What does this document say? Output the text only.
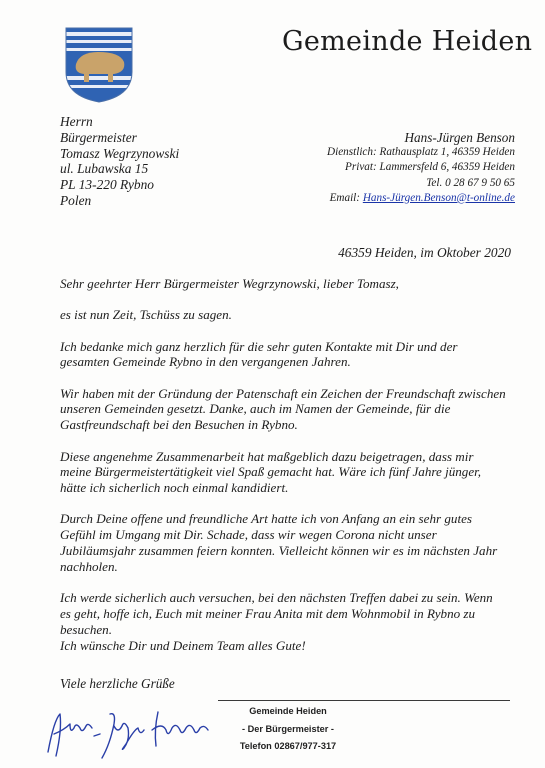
Gemeinde Heiden
Herrn
Bürgermeister
Tomasz Wegrzynowski
ul. Lubawska 15
PL 13-220 Rybno
Polen
Hans-Jürgen Benson
Dienstlich: Rathausplatz 1, 46359 Heiden
Privat: Lammersfeld 6, 46359 Heiden
Tel. 0 28 67 9 50 65
Email: Hans-Jürgen.Benson@t-online.de
46359 Heiden, im Oktober 2020

Sehr geehrter Herr Bürgermeister Wegrzynowski, lieber Tomasz,

es ist nun Zeit, Tschüss zu sagen.

Ich bedanke mich ganz herzlich für die sehr guten Kontakte mit Dir und der gesamten Gemeinde Rybno in den vergangenen Jahren.

Wir haben mit der Gründung der Patenschaft ein Zeichen der Freundschaft zwischen unseren Gemeinden gesetzt. Danke, auch im Namen der Gemeinde, für die Gastfreundschaft bei den Besuchen in Rybno.

Diese angenehme Zusammenarbeit hat maßgeblich dazu beigetragen, dass mir meine Bürgermeistertätigkeit viel Spaß gemacht hat. Wäre ich fünf Jahre jünger, hätte ich sicherlich noch einmal kandidiert.

Durch Deine offene und freundliche Art hatte ich von Anfang an ein sehr gutes Gefühl im Umgang mit Dir. Schade, dass wir wegen Corona nicht unser Jubiläumsjahr zusammen feiern konnten. Vielleicht können wir es im nächsten Jahr nachholen.

Ich werde sicherlich auch versuchen, bei den nächsten Treffen dabei zu sein. Wenn es geht, hoffe ich, Euch mit meiner Frau Anita mit dem Wohnmobil in Rybno zu besuchen.

Ich wünsche Dir und Deinem Team alles Gute!

Viele herzliche Grüße
Gemeinde Heiden
- Der Bürgermeister -
Telefon 02867/977-317
